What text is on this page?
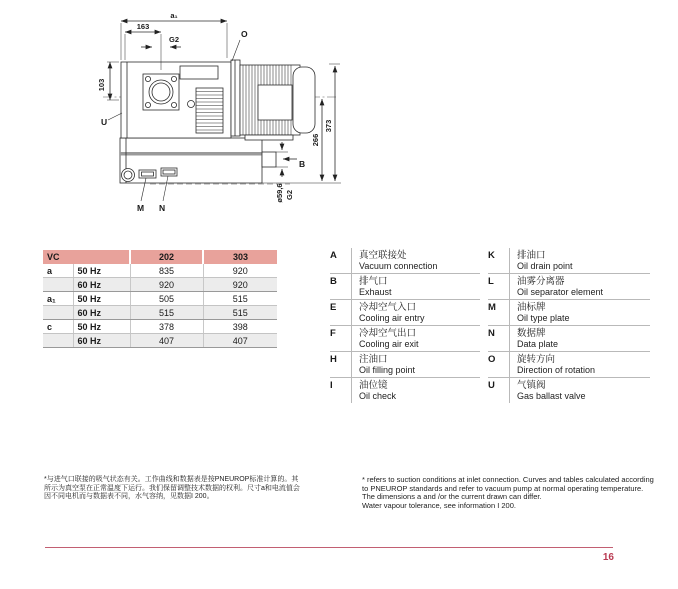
a₁
163
G2
O
103
U
B
266
373
ø59,6 G2
M N
VC		202	303
a	50 Hz	835	920
	60 Hz	920	920
a₁	50 Hz	505	515
	60 Hz	515	515
c	50 Hz	378	398
	60 Hz	407	407
A	真空联接处
Vacuum connection
B	排气口
Exhaust
E	冷却空气入口
Cooling air entry
F	冷却空气出口
Cooling air exit
H	注油口
Oil filling point
I	油位镜
Oil check
K	排油口
Oil drain point
L	油雾分离器
Oil separator element
M	油标牌
Oil type plate
N	数据牌
Data plate
O	旋转方向
Direction of rotation
U	气镇阀
Gas ballast valve
*与进气口联接的吸气状态有关。工作曲线和数据表是按PNEUROP标准计算的。其
所示为真空泵在正常温度下运行。我们保留调整技术数据的权利。尺寸a和电流值会
因不同电机而与数据表不同，水气容纳，见数据I 200。
* refers to suction conditions at inlet connection. Curves and tables calculated according
to PNEUROP standards and refer to vacuum pump at normal operating temperature.
The dimensions a and /or the current drawn can differ.
Water vapour tolerance, see information I 200.
16
